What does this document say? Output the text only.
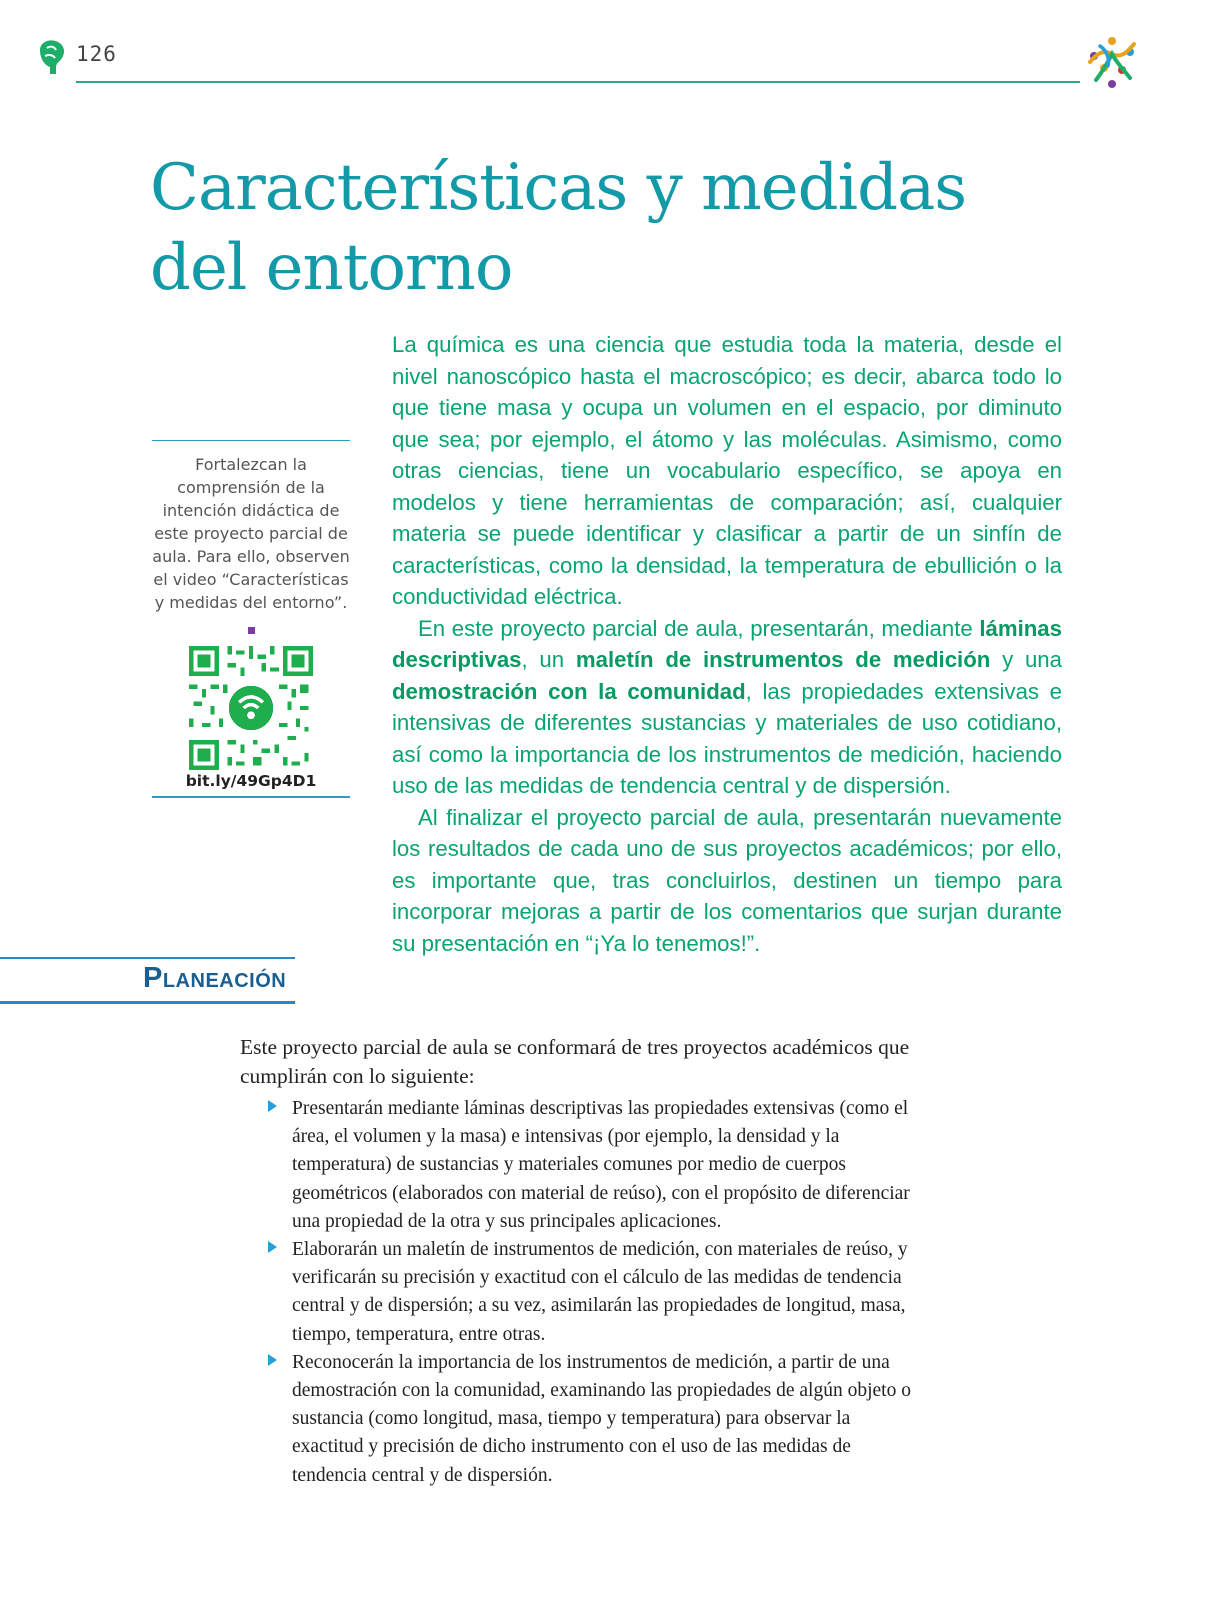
126
Características y medidas
del entorno

La química es una ciencia que estudia toda la materia, desde el nivel nanoscópico hasta el macroscópico; es decir, abarca todo lo que tiene masa y ocupa un volumen en el espacio, por diminuto que sea; por ejemplo, el átomo y las moléculas. Asimismo, como otras ciencias, tiene un vocabulario específico, se apoya en modelos y tiene herramientas de comparación; así, cualquier materia se puede identificar y clasificar a partir de un sinfín de características, como la densidad, la temperatura de ebullición o la conductividad eléctrica.

En este proyecto parcial de aula, presentarán, mediante láminas descriptivas, un maletín de instrumentos de medición y una demostración con la comunidad, las propiedades extensivas e intensivas de diferentes sustancias y materiales de uso cotidiano, así como la importancia de los instrumentos de medición, haciendo uso de las medidas de tendencia central y de dispersión.

Al finalizar el proyecto parcial de aula, presentarán nuevamente los resultados de cada uno de sus proyectos académicos; por ello, es importante que, tras concluirlos, destinen un tiempo para incorporar mejoras a partir de los comentarios que surjan durante su presentación en “¡Ya lo tenemos!”.

Fortalezcan la comprensión de la intención didáctica de este proyecto parcial de aula. Para ello, observen el video “Características y medidas del entorno”.

bit.ly/49Gp4D1

Planeación

Este proyecto parcial de aula se conformará de tres proyectos académicos que cumplirán con lo siguiente:

Presentarán mediante láminas descriptivas las propiedades extensivas (como el área, el volumen y la masa) e intensivas (por ejemplo, la densidad y la temperatura) de sustancias y materiales comunes por medio de cuerpos geométricos (elaborados con material de reúso), con el propósito de diferenciar una propiedad de la otra y sus principales aplicaciones.
Elaborarán un maletín de instrumentos de medición, con materiales de reúso, y verificarán su precisión y exactitud con el cálculo de las medidas de tendencia central y de dispersión; a su vez, asimilarán las propiedades de longitud, masa, tiempo, temperatura, entre otras.
Reconocerán la importancia de los instrumentos de medición, a partir de una demostración con la comunidad, examinando las propiedades de algún objeto o sustancia (como longitud, masa, tiempo y temperatura) para observar la exactitud y precisión de dicho instrumento con el uso de las medidas de tendencia central y de dispersión.
